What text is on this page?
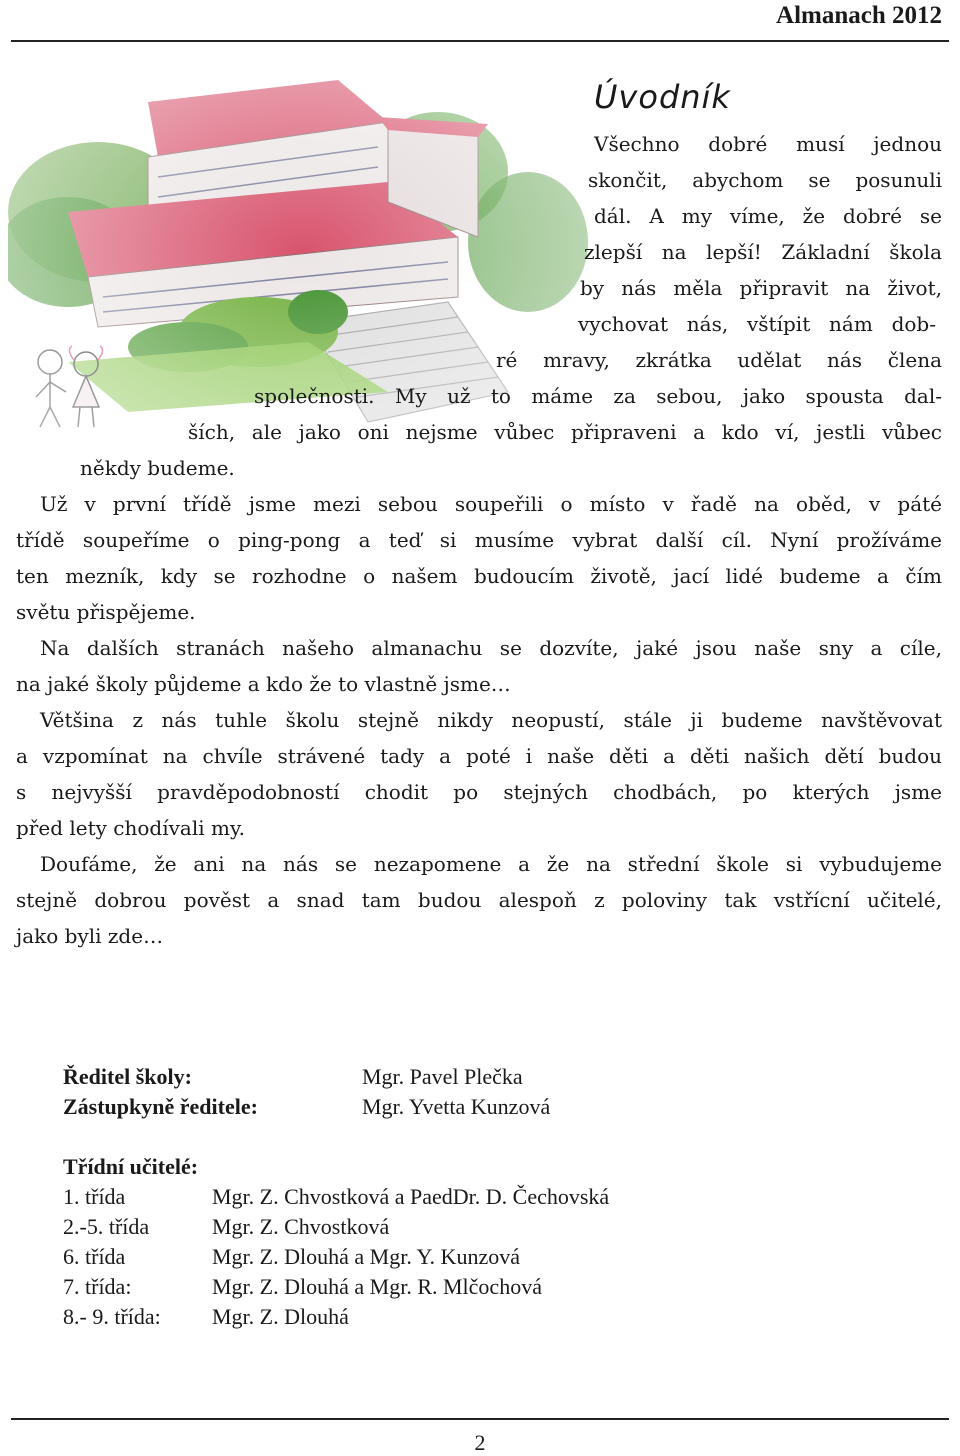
Almanach 2012
Úvodník
Všechno dobré musí jednou
skončit, abychom se posunuli
dál. A my víme, že dobré se
zlepší na lepší! Základní škola
by nás měla připravit na život,
vychovat nás, vštípit nám dob-
ré mravy, zkrátka udělat nás člena
společnosti. My už to máme za sebou, jako spousta dal-
ších, ale jako oni nejsme vůbec připraveni a kdo ví, jestli vůbec
někdy budeme.
Už v první třídě jsme mezi sebou soupeřili o místo v řadě na oběd, v páté
třídě soupeříme o ping-pong a teď si musíme vybrat další cíl. Nyní prožíváme
ten mezník, kdy se rozhodne o našem budoucím životě, jací lidé budeme a čím
světu přispějeme.
Na dalších stranách našeho almanachu se dozvíte, jaké jsou naše sny a cíle,
na jaké školy půjdeme a kdo že to vlastně jsme…
Většina z nás tuhle školu stejně nikdy neopustí, stále ji budeme navštěvovat
a vzpomínat na chvíle strávené tady a poté i naše děti a děti našich dětí budou
s nejvyšší pravděpodobností chodit po stejných chodbách, po kterých jsme
před lety chodívali my.
Doufáme, že ani na nás se nezapomene a že na střední škole si vybudujeme
stejně dobrou pověst a snad tam budou alespoň z poloviny tak vstřícní učitelé,
jako byli zde…
Ředitel školy:	Mgr. Pavel Plečka
Zástupkyně ředitele:	Mgr. Yvetta Kunzová
Třídní učitelé:
1. třída	Mgr. Z. Chvostková a PaedDr. D. Čechovská
2.-5. třída	Mgr. Z. Chvostková
6. třída	Mgr. Z. Dlouhá a Mgr. Y. Kunzová
7. třída:	Mgr. Z. Dlouhá a Mgr. R. Mlčochová
8.- 9. třída: Mgr. Z. Dlouhá
2
